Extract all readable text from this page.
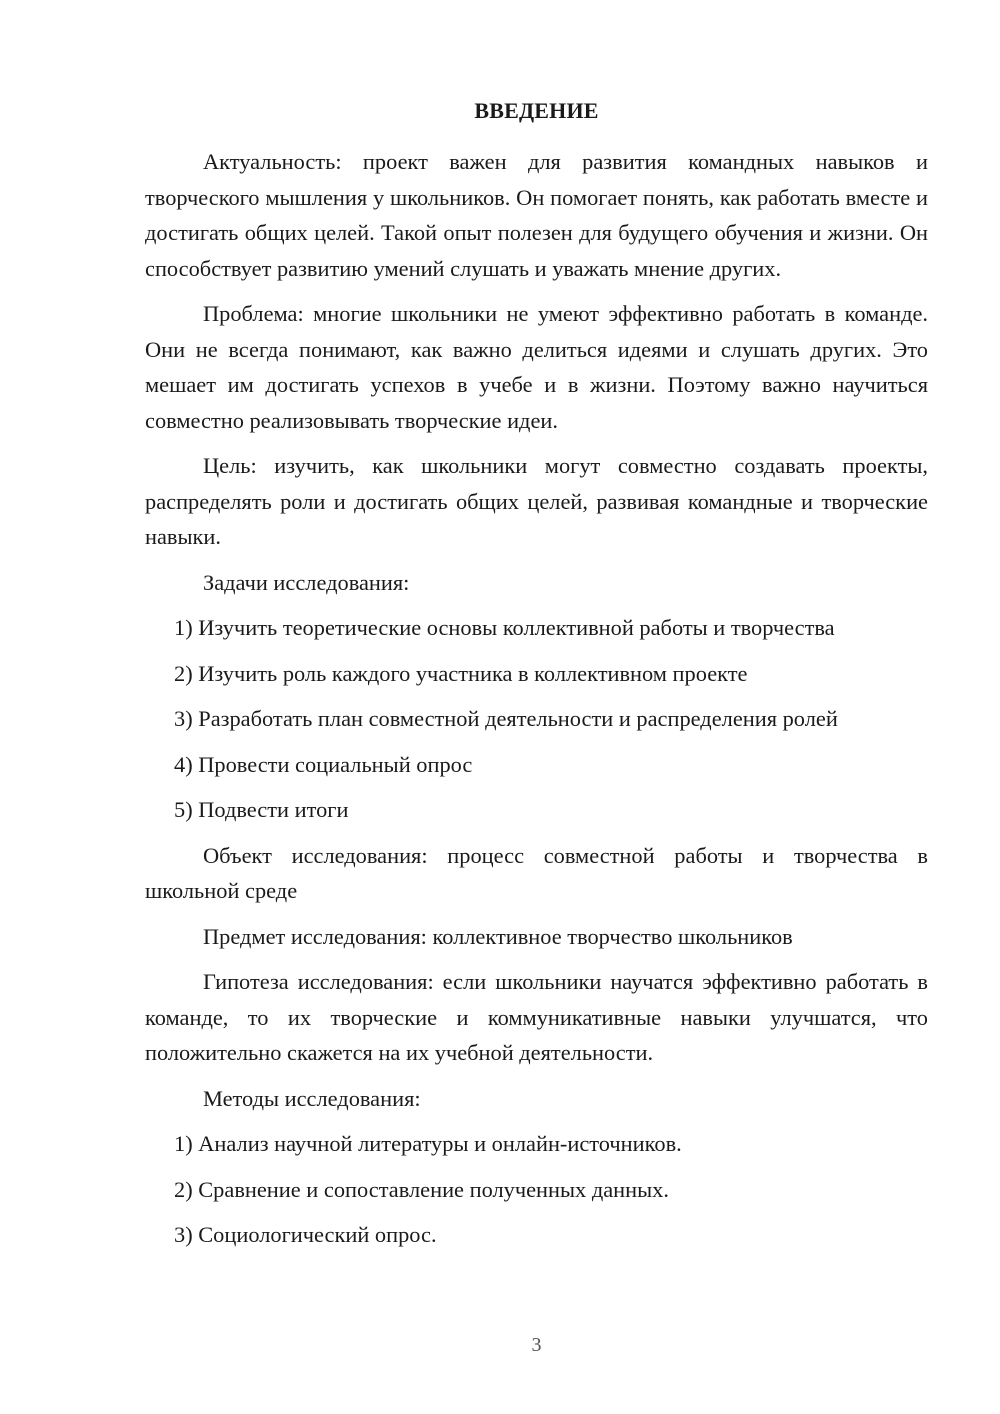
ВВЕДЕНИЕ

Актуальность: проект важен для развития командных навыков и творческого мышления у школьников. Он помогает понять, как работать вместе и достигать общих целей. Такой опыт полезен для будущего обучения и жизни. Он способствует развитию умений слушать и уважать мнение других.

Проблема: многие школьники не умеют эффективно работать в команде. Они не всегда понимают, как важно делиться идеями и слушать других. Это мешает им достигать успехов в учебе и в жизни. Поэтому важно научиться совместно реализовывать творческие идеи.

Цель: изучить, как школьники могут совместно создавать проекты, распределять роли и достигать общих целей, развивая командные и творческие навыки.

Задачи исследования:

1) Изучить теоретические основы коллективной работы и творчества

2) Изучить роль каждого участника в коллективном проекте

3) Разработать план совместной деятельности и распределения ролей

4) Провести социальный опрос

5) Подвести итоги

Объект исследования: процесс совместной работы и творчества в школьной среде

Предмет исследования: коллективное творчество школьников

Гипотеза исследования: если школьники научатся эффективно работать в команде, то их творческие и коммуникативные навыки улучшатся, что положительно скажется на их учебной деятельности.

Методы исследования:

1) Анализ научной литературы и онлайн-источников.

2) Сравнение и сопоставление полученных данных.

3) Социологический опрос.

3
